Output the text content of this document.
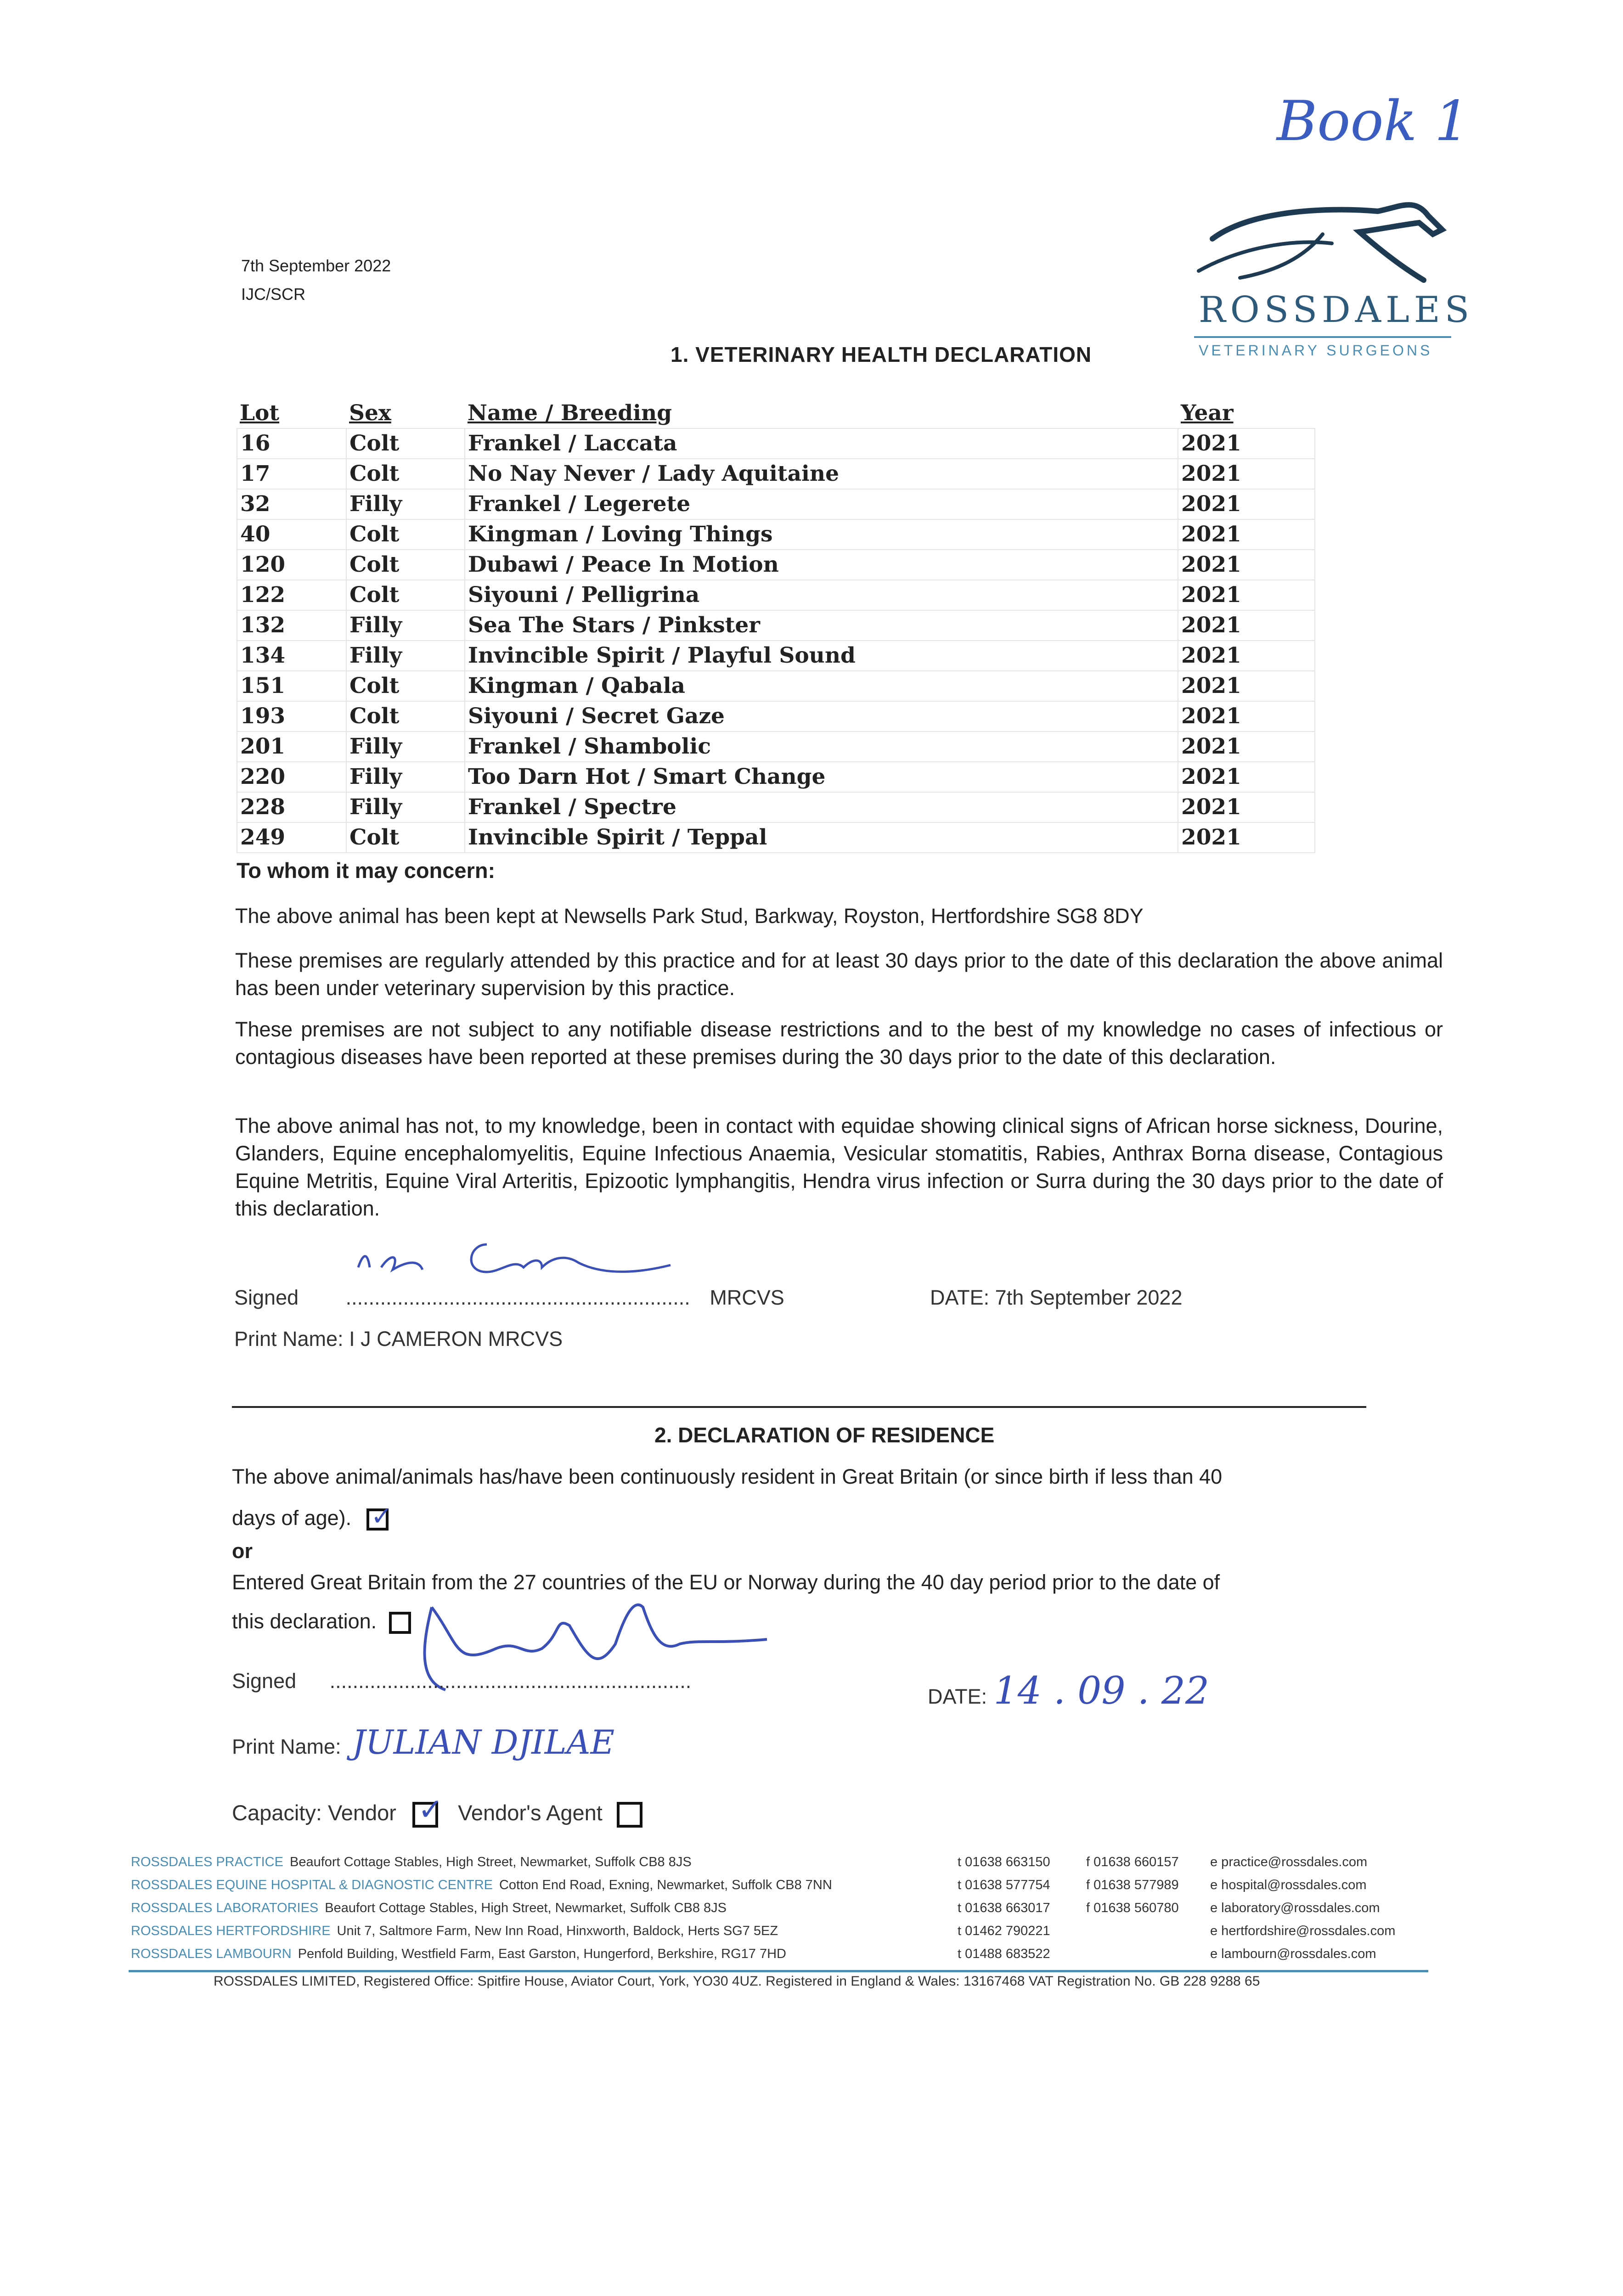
Book 1
7th September 2022
IJC/SCR	ROSSDALES
VETERINARY SURGEONS
1. VETERINARY HEALTH DECLARATION
Lot	Sex	Name / Breeding	Year
16	Colt	Frankel / Laccata	2021
17	Colt	No Nay Never / Lady Aquitaine	2021
32	Filly	Frankel / Legerete	2021
40	Colt	Kingman / Loving Things	2021
120	Colt	Dubawi / Peace In Motion	2021
122	Colt	Siyouni / Pelligrina	2021
132	Filly	Sea The Stars / Pinkster	2021
134	Filly	Invincible Spirit / Playful Sound	2021
151	Colt	Kingman / Qabala	2021
193	Colt	Siyouni / Secret Gaze	2021
201	Filly	Frankel / Shambolic	2021
220	Filly	Too Darn Hot / Smart Change	2021
228	Filly	Frankel / Spectre	2021
249	Colt	Invincible Spirit / Teppal	2021
To whom it may concern:
The above animal has been kept at Newsells Park Stud, Barkway, Royston, Hertfordshire SG8 8DY
These premises are regularly attended by this practice and for at least 30 days prior to the date of this declaration the above animal has been under veterinary supervision by this practice.
These premises are not subject to any notifiable disease restrictions and to the best of my knowledge no cases of infectious or contagious diseases have been reported at these premises during the 30 days prior to the date of this declaration.
The above animal has not, to my knowledge, been in contact with equidae showing clinical signs of African horse sickness, Dourine, Glanders, Equine encephalomyelitis, Equine Infectious Anaemia, Vesicular stomatitis, Rabies, Anthrax Borna disease, Contagious Equine Metritis, Equine Viral Arteritis, Epizootic lymphangitis, Hendra virus infection or Surra during the 30 days prior to the date of this declaration.
Signed ............................................................ MRCVS	DATE: 7th September 2022
Print Name: I J CAMERON MRCVS
2. DECLARATION OF RESIDENCE
The above animal/animals has/have been continuously resident in Great Britain (or since birth if less than 40
days of age). ✓
or
Entered Great Britain from the 27 countries of the EU or Norway during the 40 day period prior to the date of
this declaration.
Signed ...............................................................
DATE: 14 . 09 . 22
Print Name: JULIAN DJILAE
Capacity: Vendor ✓ Vendor's Agent
t 01638 663150	f 01638 660157 e practice@rossdales.com
ROSSDALES PRACTICE Beaufort Cottage Stables, High Street, Newmarket, Suffolk CB8 8JS
t 01638 577754	f 01638 577989 e hospital@rossdales.com
ROSSDALES EQUINE HOSPITAL & DIAGNOSTIC CENTRE Cotton End Road, Exning, Newmarket, Suffolk CB8 7NN
t 01638 663017	f 01638 560780 e laboratory@rossdales.com
ROSSDALES LABORATORIES Beaufort Cottage Stables, High Street, Newmarket, Suffolk CB8 8JS
t 01462 790221	e hertfordshire@rossdales.com
ROSSDALES HERTFORDSHIRE Unit 7, Saltmore Farm, New Inn Road, Hinxworth, Baldock, Herts SG7 5EZ
t 01488 683522	e lambourn@rossdales.com
ROSSDALES LAMBOURN Penfold Building, Westfield Farm, East Garston, Hungerford, Berkshire, RG17 7HD
ROSSDALES LIMITED, Registered Office: Spitfire House, Aviator Court, York, YO30 4UZ. Registered in England & Wales: 13167468 VAT Registration No. GB 228 9288 65
